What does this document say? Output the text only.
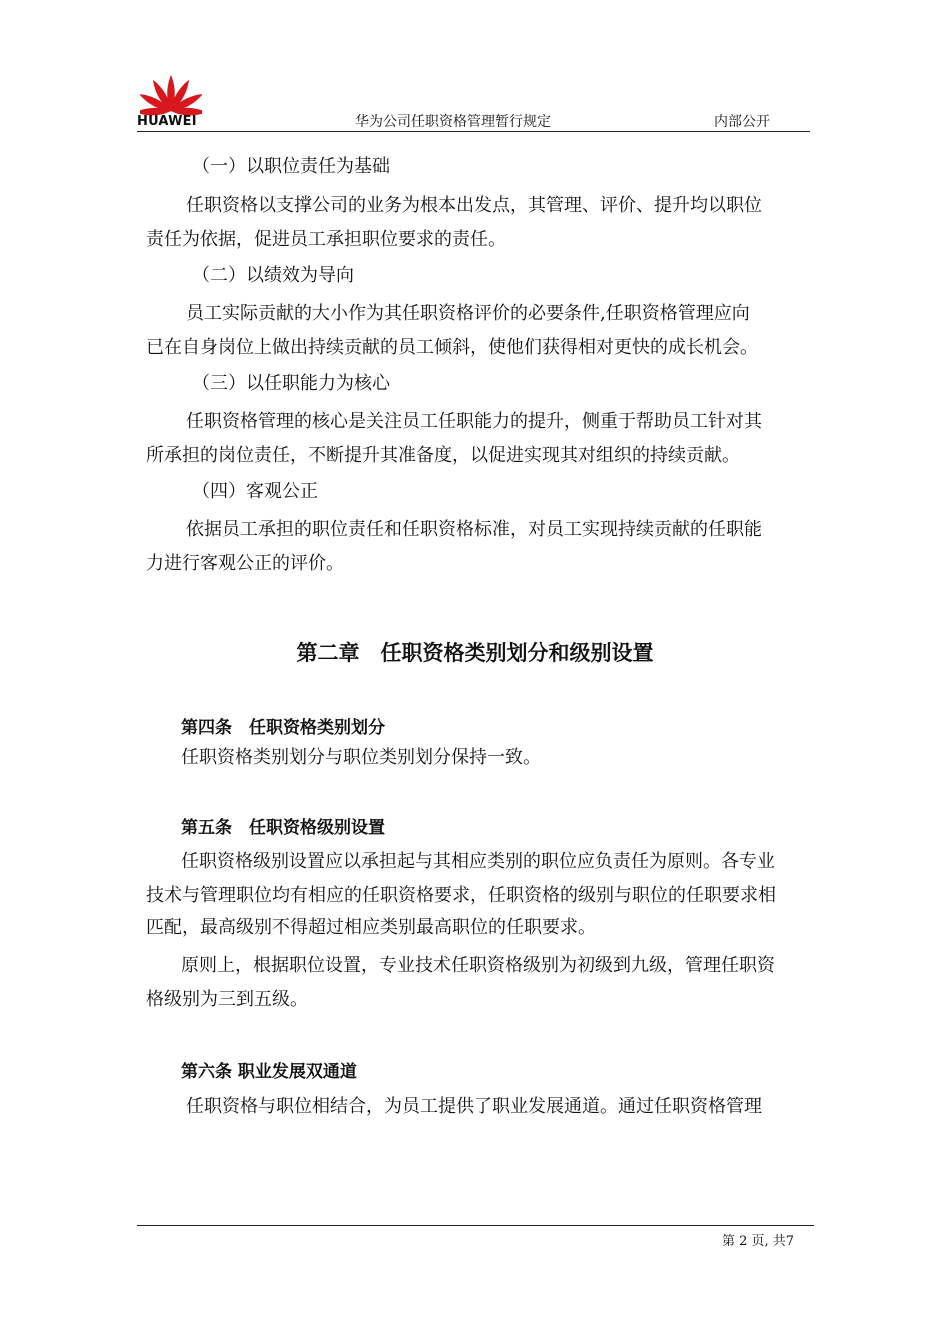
HUAWEI	华为公司任职资格管理暂行规定	内部公开
（一）以职位责任为基础
任职资格以支撑公司的业务为根本出发点，其管理、评价、提升均以职位
责任为依据，促进员工承担职位要求的责任。
（二）以绩效为导向
员工实际贡献的大小作为其任职资格评价的必要条件,任职资格管理应向
已在自身岗位上做出持续贡献的员工倾斜，使他们获得相对更快的成长机会。
（三）以任职能力为核心
任职资格管理的核心是关注员工任职能力的提升，侧重于帮助员工针对其
所承担的岗位责任，不断提升其准备度，以促进实现其对组织的持续贡献。
（四）客观公正
依据员工承担的职位责任和任职资格标准，对员工实现持续贡献的任职能
力进行客观公正的评价。
第二章　任职资格类别划分和级别设置
第四条　任职资格类别划分
任职资格类别划分与职位类别划分保持一致。
第五条　任职资格级别设置
任职资格级别设置应以承担起与其相应类别的职位应负责任为原则。各专业
技术与管理职位均有相应的任职资格要求，任职资格的级别与职位的任职要求相
匹配，最高级别不得超过相应类别最高职位的任职要求。
原则上，根据职位设置，专业技术任职资格级别为初级到九级，管理任职资
格级别为三到五级。
第六条 职业发展双通道
任职资格与职位相结合，为员工提供了职业发展通道。通过任职资格管理
第 2 页, 共7
